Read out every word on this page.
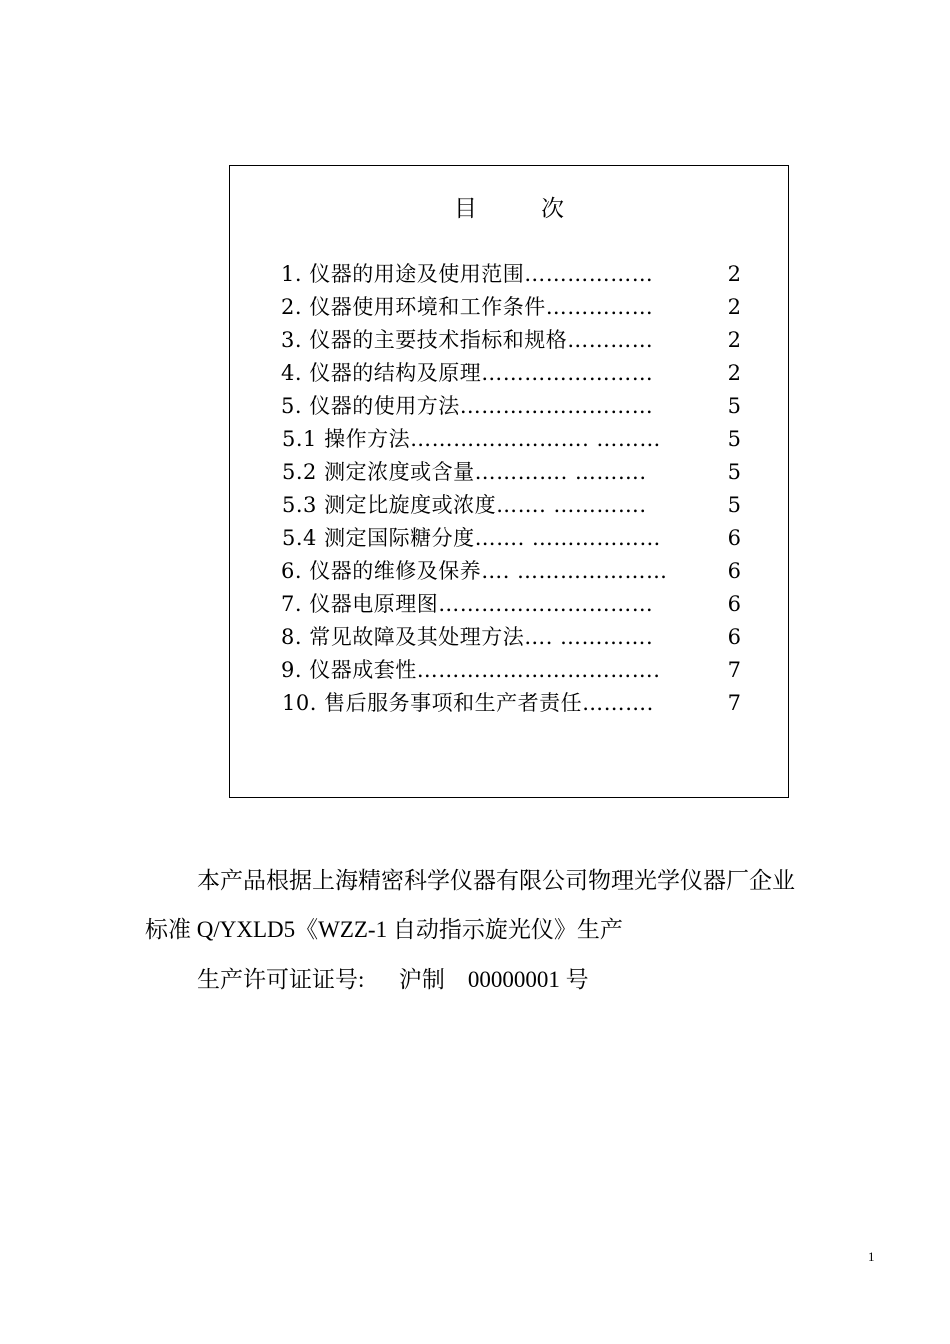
目	次
1. 仪器的用途及使用范围………………	2
2. 仪器使用环境和工作条件……………	2
3. 仪器的主要技术指标和规格…………	2
4. 仪器的结构及原理……………………	2
5. 仪器的使用方法………………………	5
5.1 操作方法……………………. ………	5
5.2 测定浓度或含量…………. ……….	5
5.3 测定比旋度或浓度……. ………….	5
5.4 测定国际糖分度……. ………………	6
6. 仪器的维修及保养…. …………………	6
7. 仪器电原理图…………………………	6
8. 常见故障及其处理方法…. ………….	6
9. 仪器成套性…………………………….	7
10. 售后服务事项和生产者责任……….	7
本产品根据上海精密科学仪器有限公司物理光学仪器厂企业
标准 Q/YXLD5《WZZ-1 自动指示旋光仪》生产
生产许可证证号:      沪制    00000001 号
1
